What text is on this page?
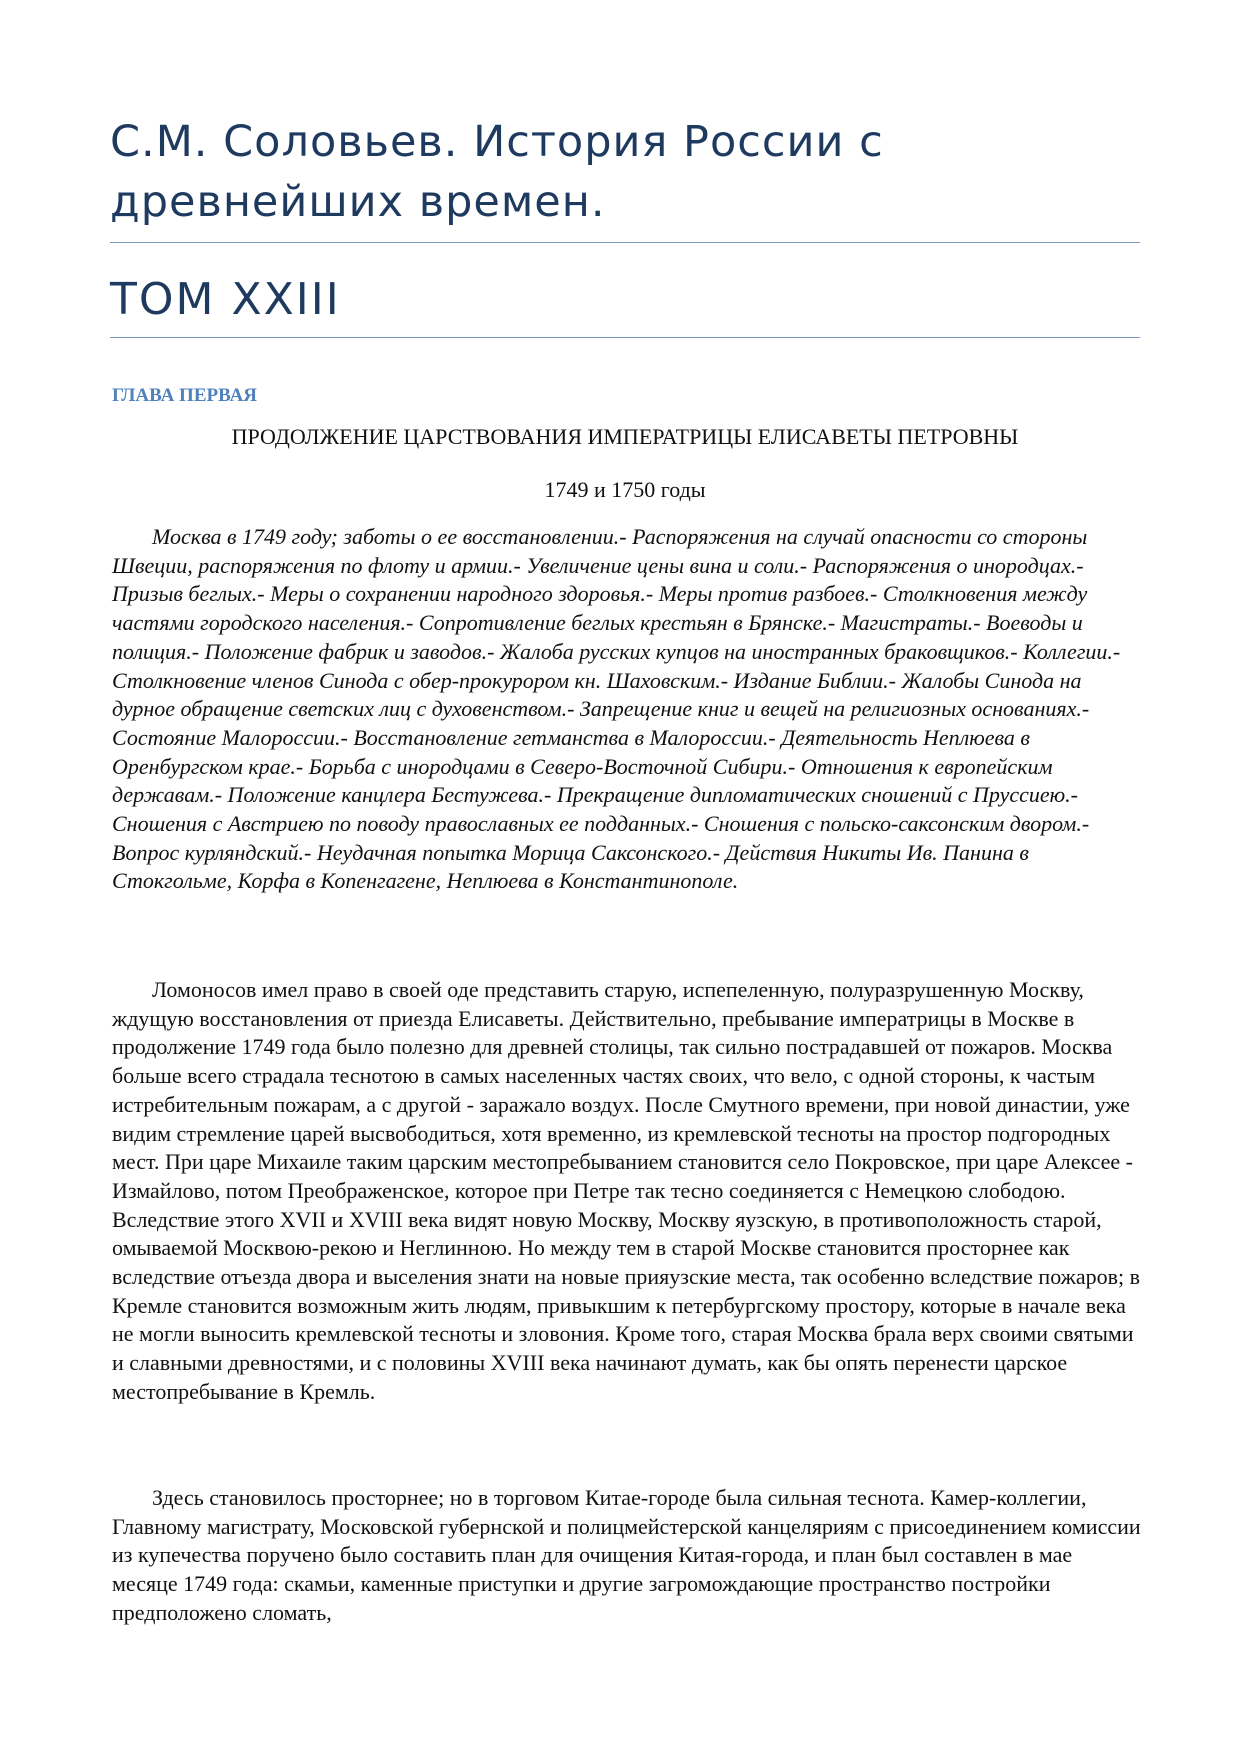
С.М. Соловьев. История России с древнейших времен.
ТОМ XXIII
ГЛАВА ПЕРВАЯ

ПРОДОЛЖЕНИЕ ЦАРСТВОВАНИЯ ИМПЕРАТРИЦЫ ЕЛИСАВЕТЫ ПЕТРОВНЫ

1749 и 1750 годы

Москва в 1749 году; заботы о ее восстановлении.- Распоряжения на случай опасности со стороны Швеции, распоряжения по флоту и армии.- Увеличение цены вина и соли.- Распоряжения о инородцах.- Призыв беглых.- Меры о сохранении народного здоровья.- Меры против разбоев.- Столкновения между частями городского населения.- Сопротивление беглых крестьян в Брянске.- Магистраты.- Воеводы и полиция.- Положение фабрик и заводов.- Жалоба русских купцов на иностранных браковщиков.- Коллегии.- Столкновение членов Синода с обер-прокурором кн. Шаховским.- Издание Библии.- Жалобы Синода на дурное обращение светских лиц с духовенством.- Запрещение книг и вещей на религиозных основаниях.- Состояние Малороссии.- Восстановление гетманства в Малороссии.- Деятельность Неплюева в Оренбургском крае.- Борьба с инородцами в Северо-Восточной Сибири.- Отношения к европейским державам.- Положение канцлера Бестужева.- Прекращение дипломатических сношений с Пруссиею.- Сношения с Австриею по поводу православных ее подданных.- Сношения с польско-саксонским двором.- Вопрос курляндский.- Неудачная попытка Морица Саксонского.- Действия Никиты Ив. Панина в Стокгольме, Корфа в Копенгагене, Неплюева в Константинополе.

Ломоносов имел право в своей оде представить старую, испепеленную, полуразрушенную Москву, ждущую восстановления от приезда Елисаветы. Действительно, пребывание императрицы в Москве в продолжение 1749 года было полезно для древней столицы, так сильно пострадавшей от пожаров. Москва больше всего страдала теснотою в самых населенных частях своих, что вело, с одной стороны, к частым истребительным пожарам, а с другой - заражало воздух. После Смутного времени, при новой династии, уже видим стремление царей высвободиться, хотя временно, из кремлевской тесноты на простор подгородных мест. При царе Михаиле таким царским местопребыванием становится село Покровское, при царе Алексее - Измайлово, потом Преображенское, которое при Петре так тесно соединяется с Немецкою слободою. Вследствие этого XVII и XVIII века видят новую Москву, Москву яузскую, в противоположность старой, омываемой Москвою-рекою и Неглинною. Но между тем в старой Москве становится просторнее как вследствие отъезда двора и выселения знати на новые прияузские места, так особенно вследствие пожаров; в Кремле становится возможным жить людям, привыкшим к петербургскому простору, которые в начале века не могли выносить кремлевской тесноты и зловония. Кроме того, старая Москва брала верх своими святыми и славными древностями, и с половины XVIII века начинают думать, как бы опять перенести царское местопребывание в Кремль.

Здесь становилось просторнее; но в торговом Китае-городе была сильная теснота. Камер-коллегии, Главному магистрату, Московской губернской и полицмейстерской канцеляриям с присоединением комиссии из купечества поручено было составить план для очищения Китая-города, и план был составлен в мае месяце 1749 года: скамьи, каменные приступки и другие загромождающие пространство постройки предположено сломать,
